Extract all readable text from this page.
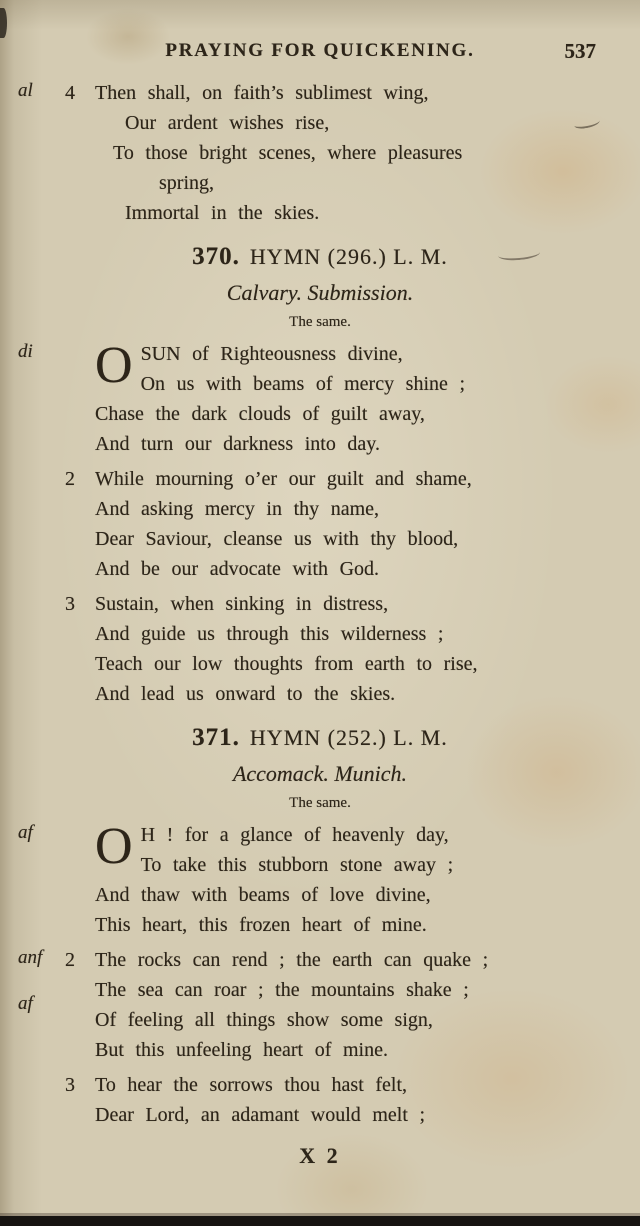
PRAYING FOR QUICKENING.	537
al 4 Then shall, on faith’s sublimest wing,
Our ardent wishes rise,
To those bright scenes, where pleasures
spring,
Immortal in the skies.
370. HYMN (296.) L. M.
Calvary. Submission.
The same.
di O SUN of Righteousness divine,
On us with beams of mercy shine ;
Chase the dark clouds of guilt away,
And turn our darkness into day.
2 While mourning o’er our guilt and shame,
And asking mercy in thy name,
Dear Saviour, cleanse us with thy blood,
And be our advocate with God.
3 Sustain, when sinking in distress,
And guide us through this wilderness ;
Teach our low thoughts from earth to rise,
And lead us onward to the skies.
371. HYMN (252.) L. M.
Accomack. Munich.
The same.
af O H ! for a glance of heavenly day,
To take this stubborn stone away ;
And thaw with beams of love divine,
This heart, this frozen heart of mine.
anf
af
2 The rocks can rend ; the earth can quake ;
The sea can roar ; the mountains shake ;
Of feeling all things show some sign,
But this unfeeling heart of mine.
3 To hear the sorrows thou hast felt,
Dear Lord, an adamant would melt ;
X 2
